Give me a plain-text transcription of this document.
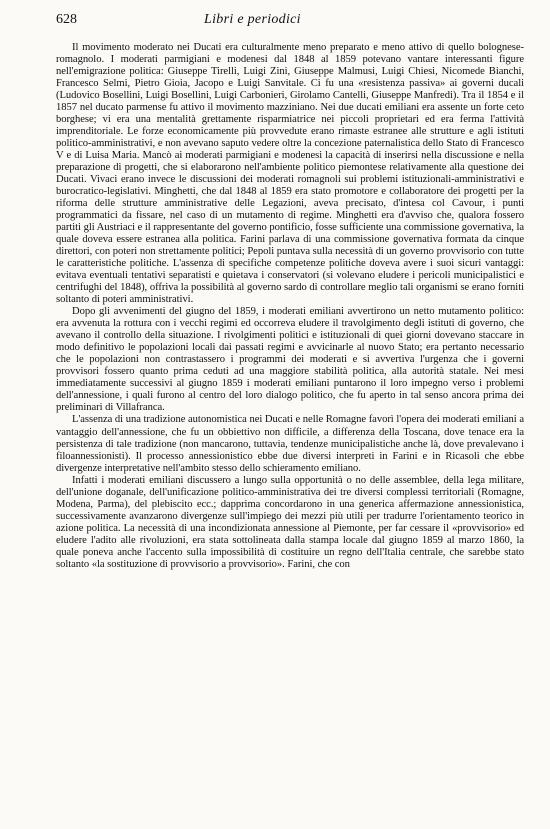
628	Libri e periodici

Il movimento moderato nei Ducati era culturalmente meno preparato e meno attivo di quello bolognese-romagnolo. I moderati parmigiani e modenesi dal 1848 al 1859 potevano vantare interessanti figure nell'emigrazione politica: Giuseppe Tirelli, Luigi Zini, Giuseppe Malmusi, Luigi Chiesi, Nicomede Bianchi, Francesco Selmi, Pietro Gioia, Jacopo e Luigi Sanvitale. Ci fu una «resistenza passiva» ai governi ducali (Ludovico Bosellini, Luigi Bosellini, Luigi Carbonieri, Girolamo Cantelli, Giuseppe Manfredi). Tra il 1854 e il 1857 nel ducato parmense fu attivo il movimento mazziniano. Nei due ducati emiliani era assente un forte ceto borghese; vi era una mentalità grettamente risparmiatrice nei piccoli proprietari ed era ferma l'attività imprenditoriale. Le forze economicamente più provvedute erano rimaste estranee alle strutture e agli istituti politico-amministrativi, e non avevano saputo vedere oltre la concezione paternalistica dello Stato di Francesco V e di Luisa Maria. Mancò ai moderati parmigiani e modenesi la capacità di inserirsi nella discussione e nella preparazione di progetti, che si elaborarono nell'ambiente politico piemontese relativamente alla questione dei Ducati. Vivaci erano invece le discussioni dei moderati romagnoli sui problemi istituzionali-amministrativi e burocratico-legislativi. Minghetti, che dal 1848 al 1859 era stato promotore e collaboratore dei progetti per la riforma delle strutture amministrative delle Legazioni, aveva precisato, d'intesa col Cavour, i punti programmatici da fissare, nel caso di un mutamento di regime. Minghetti era d'avviso che, qualora fossero partiti gli Austriaci e il rappresentante del governo pontificio, fosse sufficiente una commissione governativa, la quale doveva essere estranea alla politica. Farini parlava di una commissione governativa formata da cinque direttori, con poteri non strettamente politici; Pepoli puntava sulla necessità di un governo provvisorio con tutte le caratteristiche politiche. L'assenza di specifiche competenze politiche doveva avere i suoi sicuri vantaggi: evitava eventuali tentativi separatisti e quietava i conservatori (si volevano eludere i pericoli municipalistici e centrifughi del 1848), offriva la possibilità al governo sardo di controllare meglio tali organismi se erano forniti soltanto di poteri amministrativi.

Dopo gli avvenimenti del giugno del 1859, i moderati emiliani avvertirono un netto mutamento politico: era avvenuta la rottura con i vecchi regimi ed occorreva eludere il travolgimento degli istituti di governo, che avevano il controllo della situazione. I rivolgimenti politici e istituzionali di quei giorni dovevano staccare in modo definitivo le popolazioni locali dai passati regimi e avvicinarle al nuovo Stato; era pertanto necessario che le popolazioni non contrastassero i programmi dei moderati e si avvertiva l'urgenza che i governi provvisori fossero quanto prima ceduti ad una maggiore stabilità politica, alla autorità statale. Nei mesi immediatamente successivi al giugno 1859 i moderati emiliani puntarono il loro impegno verso i problemi dell'annessione, i quali furono al centro del loro dialogo politico, che fu aperto in tal senso ancora prima dei preliminari di Villafranca.

L'assenza di una tradizione autonomistica nei Ducati e nelle Romagne favorì l'opera dei moderati emiliani a vantaggio dell'annessione, che fu un obbiettivo non difficile, a differenza della Toscana, dove tenace era la persistenza di tale tradizione (non mancarono, tuttavia, tendenze municipalistiche anche là, dove prevalevano i filoannessionisti). Il processo annessionistico ebbe due diversi interpreti in Farini e in Ricasoli che ebbe divergenze interpretative nell'ambito stesso dello schieramento emiliano.

Infatti i moderati emiliani discussero a lungo sulla opportunità o no delle assemblee, della lega militare, dell'unione doganale, dell'unificazione politico-amministrativa dei tre diversi complessi territoriali (Romagne, Modena, Parma), del plebiscito ecc.; dapprima concordarono in una generica affermazione annessionistica, successivamente avanzarono divergenze sull'impiego dei mezzi più utili per tradurre l'orientamento teorico in azione politica. La necessità di una incondizionata annessione al Piemonte, per far cessare il «provvisorio» ed eludere l'adito alle rivoluzioni, era stata sottolineata dalla stampa locale dal giugno 1859 al marzo 1860, la quale poneva anche l'accento sulla impossibilità di costituire un regno dell'Italia centrale, che sarebbe stato soltanto «la sostituzione di provvisorio a provvisorio». Farini, che con
